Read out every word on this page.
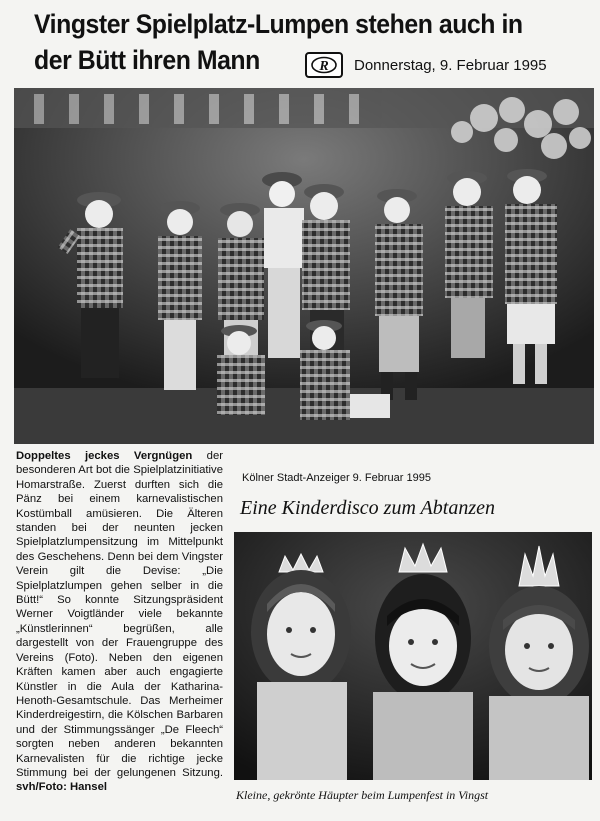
Vingster Spielplatz-Lumpen stehen auch in der Bütt ihren Mann	R Donnerstag, 9. Februar 1995
Doppeltes jeckes Vergnügen der besonderen Art bot die Spielplatzinitiative Homarstraße. Zuerst durften sich die Pänz bei einem karnevalistischen Kostümball amüsieren. Die Älteren standen bei der neunten jecken Spielplatzlumpensitzung im Mittelpunkt des Geschehens. Denn bei dem Vingster Verein gilt die Devise: „Die Spielplatzlumpen gehen selber in die Bütt!“ So konnte Sitzungspräsident Werner Voigtländer viele bekannte „Künstlerinnen“ begrüßen, alle dargestellt von der Frauengruppe des Vereins (Foto). Neben den eigenen Kräften kamen aber auch engagierte Künstler in die Aula der Katharina-Henoth-Gesamtschule. Das Merheimer Kinderdreigestirn, die Kölschen Barbaren und der Stimmungssänger „De Fleech“ sorgten neben anderen bekannten Karnevalisten für die richtige jecke Stimmung bei der gelungenen Sitzung. svh/Foto: Hansel
Kölner Stadt-Anzeiger 9. Februar 1995
Eine Kinderdisco zum Abtanzen
Kleine, gekrönte Häupter beim Lumpenfest in Vingst
